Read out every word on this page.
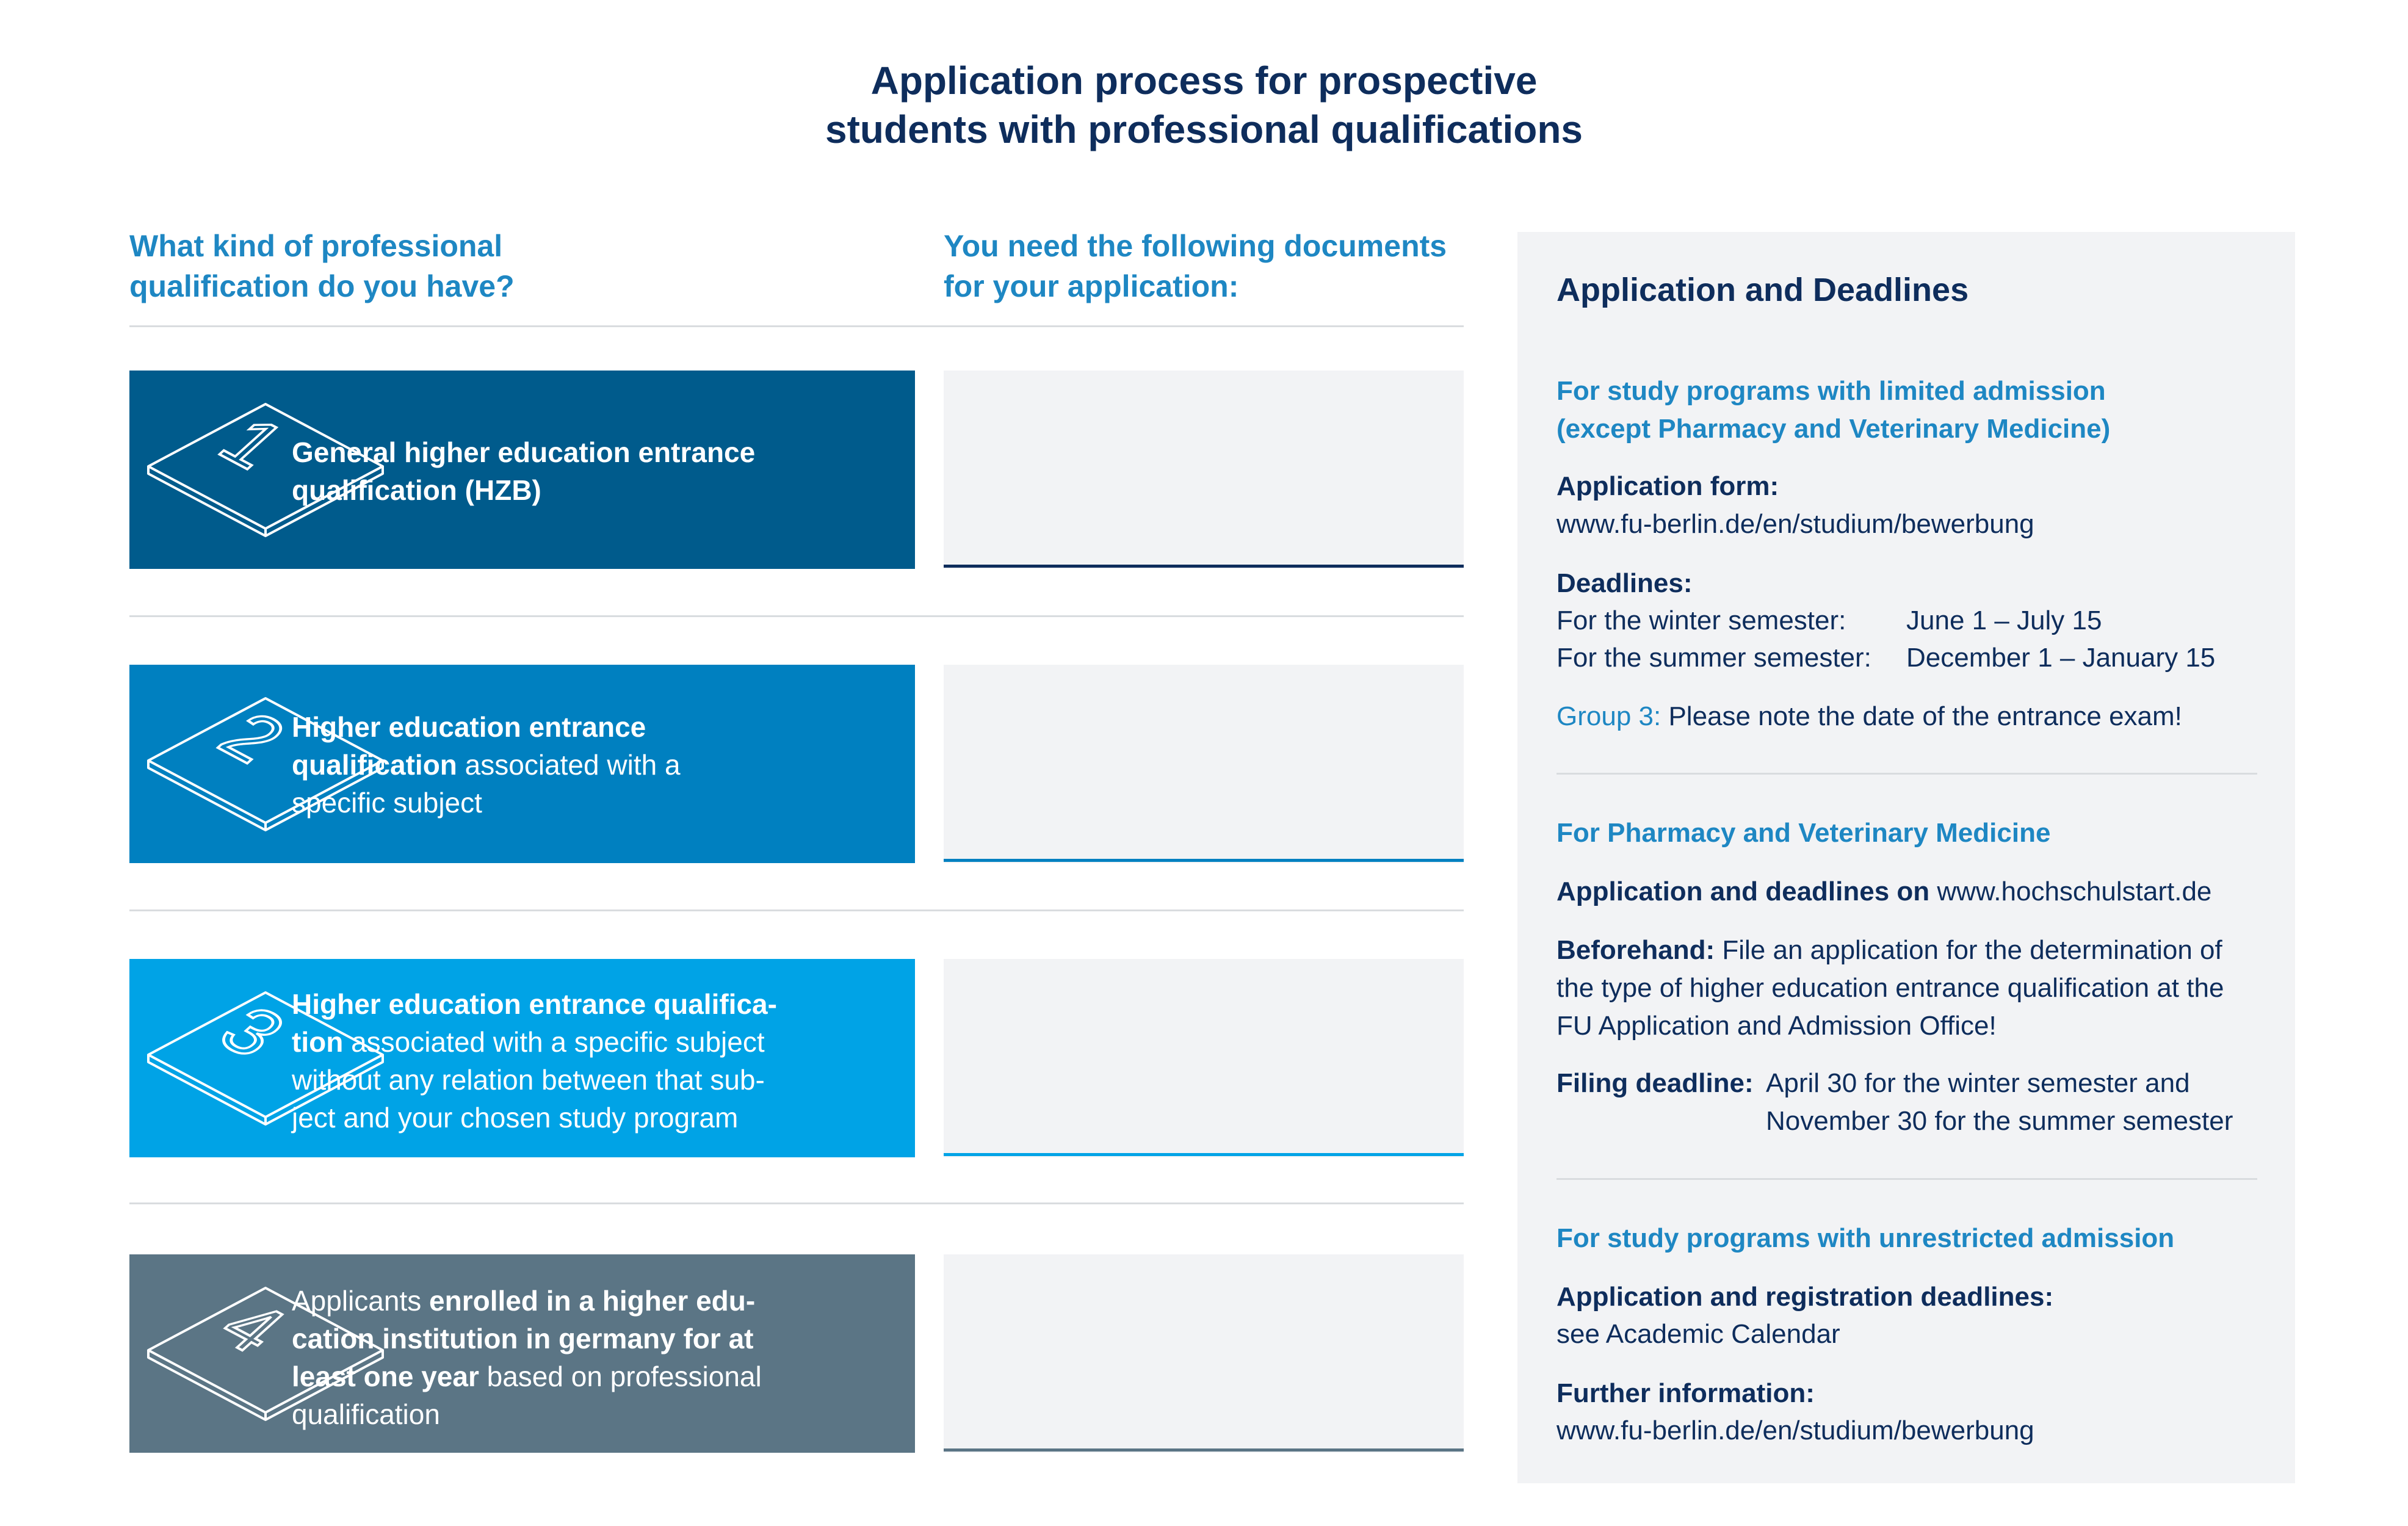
Application process for prospective
students with professional qualifications
What kind of professional
qualification do you have?
You need the following documents
for your application:
1
General higher education entrance
qualification (HZB)
2
Higher education entrance
qualification associated with a
specific subject
3
Higher education entrance qualifica-
tion associated with a specific subject
without any relation between that sub-
ject and your chosen study program
4
Applicants enrolled in a higher edu-
cation institution in germany for at
least one year based on professional
qualification
Application and Deadlines
For study programs with limited admission
(except Pharmacy and Veterinary Medicine)
Application form:
www.fu-berlin.de/en/studium/bewerbung
Deadlines:
For the winter semester: June 1 – July 15
For the summer semester: December 1 – January 15
Group 3: Please note the date of the entrance exam!
For Pharmacy and Veterinary Medicine
Application and deadlines on www.hochschulstart.de
Beforehand: File an application for the determination of
the type of higher education entrance qualification at the
FU Application and Admission Office!
Filing deadline: April 30 for the winter semester and
November 30 for the summer semester
For study programs with unrestricted admission
Application and registration deadlines:
see Academic Calendar
Further information:
www.fu-berlin.de/en/studium/bewerbung
